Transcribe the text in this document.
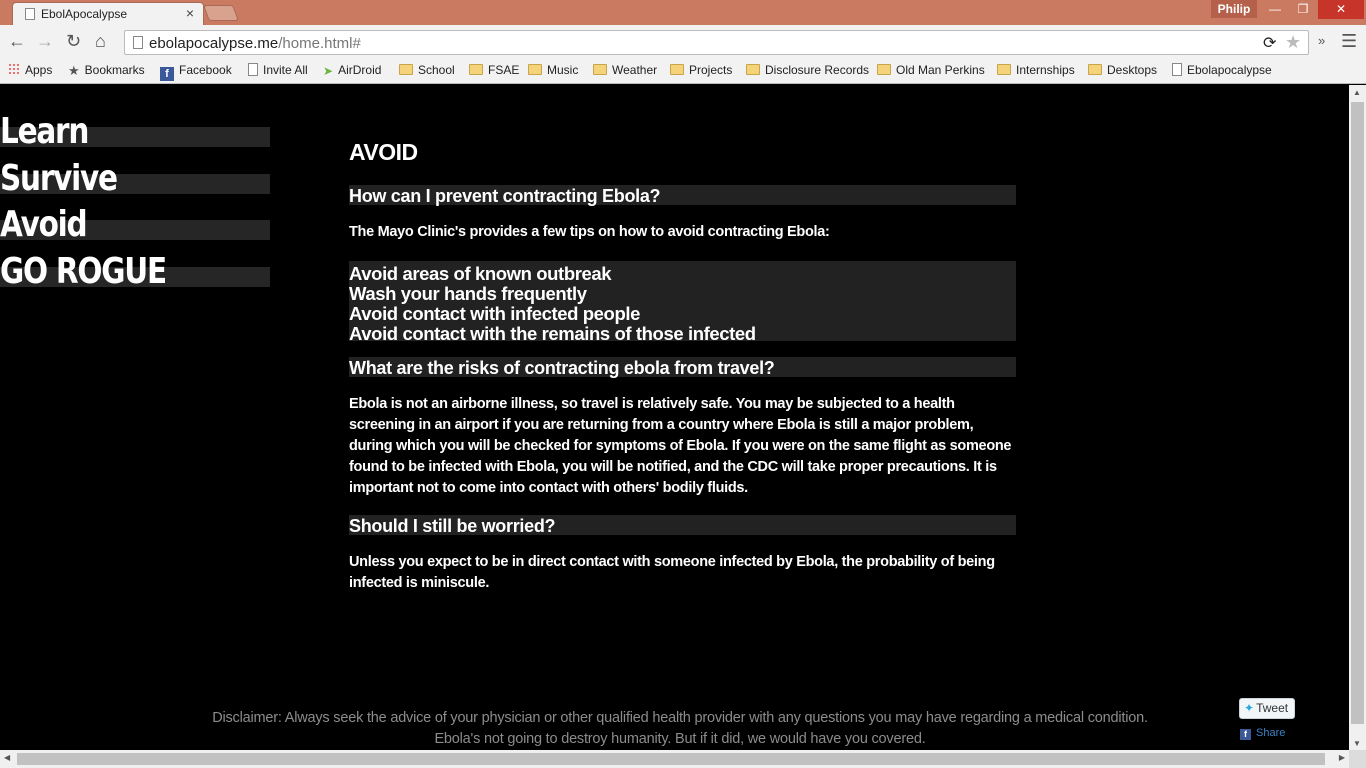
EbolApocalypse	×	Philip	—	❐	✕
← → ↻ ⌂	ebolapocalypse.me/home.html#	⟳ ★ » ☰
Apps ★ Bookmarks	f Facebook	Invite All ➤ AirDroid	School	FSAE	Music	Weather	Projects	Disclosure Records	Old Man Perkins	Internships	Desktops	Ebolapocalypse
Learn
Survive
Avoid
GO ROGUE
AVOID
How can I prevent contracting Ebola?

The Mayo Clinic's provides a few tips on how to avoid contracting Ebola:

Avoid areas of known outbreak
Wash your hands frequently
Avoid contact with infected people
Avoid contact with the remains of those infected
What are the risks of contracting ebola from travel?

Ebola is not an airborne illness, so travel is relatively safe. You may be subjected to a health screening in an airport if you are returning from a country where Ebola is still a major problem, during which you will be checked for symptoms of Ebola. If you were on the same flight as someone found to be infected with Ebola, you will be notified, and the CDC will take proper precautions. It is important not to come into contact with others' bodily fluids.

Should I still be worried?

Unless you expect to be in direct contact with someone infected by Ebola, the probability of being infected is miniscule.

Disclaimer: Always seek the advice of your physician or other qualified health provider with any questions you may have regarding a medical condition.
Ebola's not going to destroy humanity. But if it did, we would have you covered.
✦ Tweet
f Share
▲
▼
◀	▶
